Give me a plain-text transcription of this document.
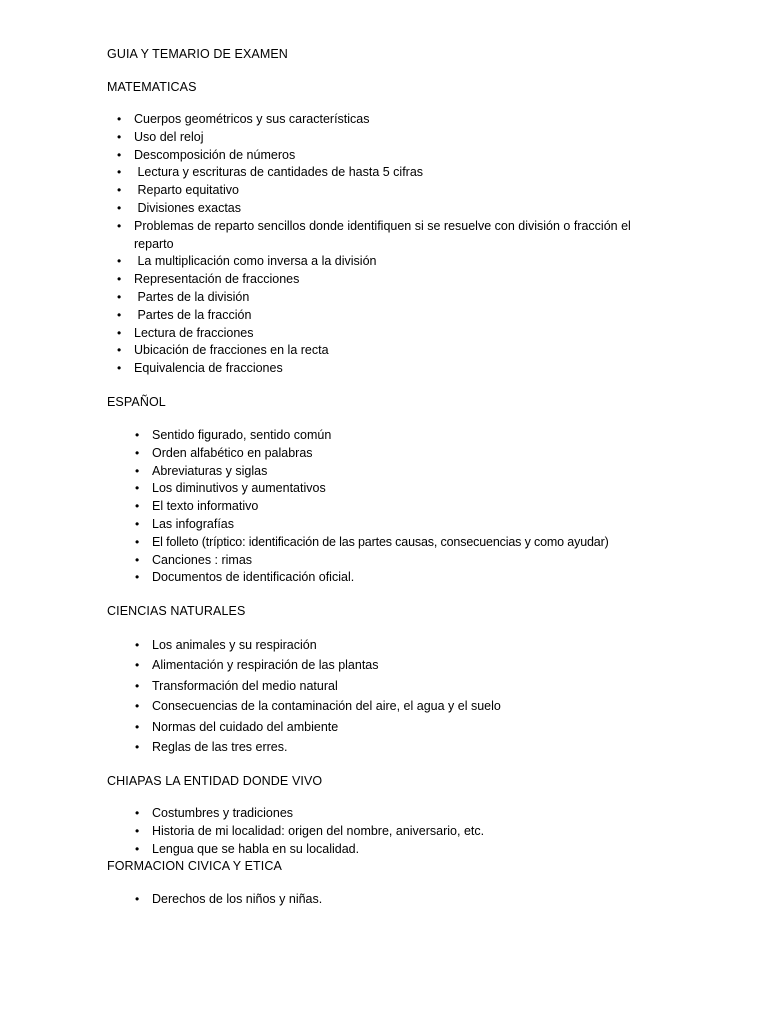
GUIA Y TEMARIO DE EXAMEN
MATEMATICAS
• Cuerpos geométricos y sus características
• Uso del reloj
• Descomposición de números
• Lectura y escrituras de cantidades de hasta 5 cifras
• Reparto equitativo
• Divisiones exactas
• Problemas de reparto sencillos donde identifiquen si se resuelve con división o fracción el reparto
• La multiplicación como inversa a la división
• Representación de fracciones
• Partes de la división
• Partes de la fracción
• Lectura de fracciones
• Ubicación de fracciones en la recta
• Equivalencia de fracciones
ESPAÑOL
• Sentido figurado, sentido común
• Orden alfabético en palabras
• Abreviaturas y siglas
• Los diminutivos y aumentativos
• El texto informativo
• Las infografías
• El folleto (tríptico: identificación de las partes causas, consecuencias y como ayudar)
• Canciones : rimas
• Documentos de identificación oficial.
CIENCIAS NATURALES
• Los animales y su respiración
• Alimentación y respiración de las plantas
• Transformación del medio natural
• Consecuencias de la contaminación del aire, el agua y el suelo
• Normas del cuidado del ambiente
• Reglas de las tres erres.
CHIAPAS LA ENTIDAD DONDE VIVO
• Costumbres y tradiciones
• Historia de mi localidad: origen del nombre, aniversario, etc.
• Lengua que se habla en su localidad.
FORMACION CIVICA Y ETICA
• Derechos de los niños y niñas.
